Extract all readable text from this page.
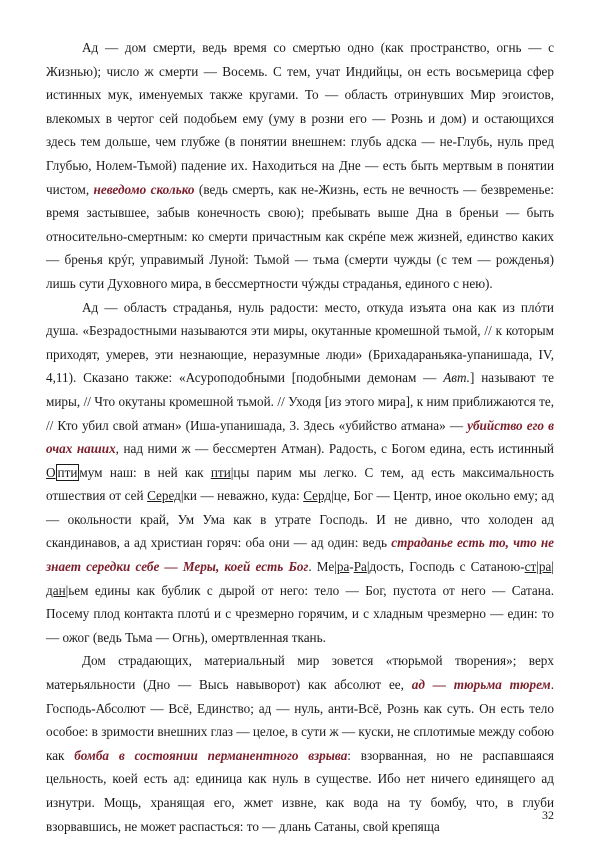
Ад — дом смерти, ведь время со смертью одно (как пространство, огнь — с Жизнью); число ж смерти — Восемь. С тем, учат Индийцы, он есть восьмерица сфер истинных мук, именуемых также кругами. То — область отринувших Мир эгоистов, влекомых в чертог сей подобьем ему (уму в розни его — Рознь и дом) и остающихся здесь тем дольше, чем глубже (в понятии внешнем: глубь адска — не-Глубь, нуль пред Глубью, Нолем-Тьмой) падение их. Находиться на Дне — есть быть мертвым в понятии чистом, неведомо сколько (ведь смерть, как не-Жизнь, есть не вечность — безвременье: время застывшее, забыв конечность свою); пребывать выше Дна в бреньи — быть относительно-смертным: ко смерти причастным как скрéпе меж жизней, единство каких — бренья крýг, управимый Луной: Тьмой — тьма (смерти чужды (с тем — рожденья) лишь сути Духовного мира, в бессмертности чýжды страданья, единого с нею).

Ад — область страданья, нуль радости: место, откуда изъята она как из плóти душа. «Безрадостными называются эти миры, окутанные кромешной тьмой, // к которым приходят, умерев, эти незнающие, неразумные люди» (Брихадараньяка-упанишада, IV, 4,11). Сказано также: «Асуроподобными [подобными демонам — Авт.] называют те миры, // Что окутаны кромешной тьмой. // Уходя [из этого мира], к ним приближаются те, // Кто убил свой атман» (Иша-упанишада, 3. Здесь «убийство атмана» — убийство его в очах наших, над ними ж — бессмертен Атман). Радость, с Богом едина, есть истинный О пти мум наш: в ней как пти|цы парим мы легко. С тем, ад есть максимальность отшествия от сей Серед|ки — неважно, куда: Серд|це, Бог — Центр, иное окольно ему; ад — окольности край, Ум Ума как в утрате Господь. И не дивно, что холоден ад скандинавов, а ад христиан горяч: оба они — ад один: ведь страданье есть то, что не знает середки себе — Меры, коей есть Бог. Ме|ра-Ра|дость, Господь с Сатаною-ст|ра|дан|ьем едины как бублик с дырой от него: тело — Бог, пустота от него — Сатана. Посему плод контакта плотú и с чрезмерно горячим, и с хладным чрезмерно — един: то — ожог (ведь Тьма — Огнь), омертвленная ткань.

Дом страдающих, материальный мир зовется «тюрьмой творения»; верх матерьяльности (Дно — Высь навыворот) как абсолют ее, ад — тюрьма тюрем. Господь-Абсолют — Всё, Единство; ад — нуль, анти-Всё, Рознь как суть. Он есть тело особое: в зримости внешних глаз — целое, в сути ж — куски, не сплотимые между собою как бомба в состоянии перманентного взрыва: взорванная, но не распавшаяся цельность, коей есть ад: единица как нуль в существе. Ибо нет ничего единящего ад изнутри. Мощь, хранящая его, жмет извне, как вода на ту бомбу, что, в глуби взорвавшись, не может распасться: то — длань Сатаны, свой крепяща

32
